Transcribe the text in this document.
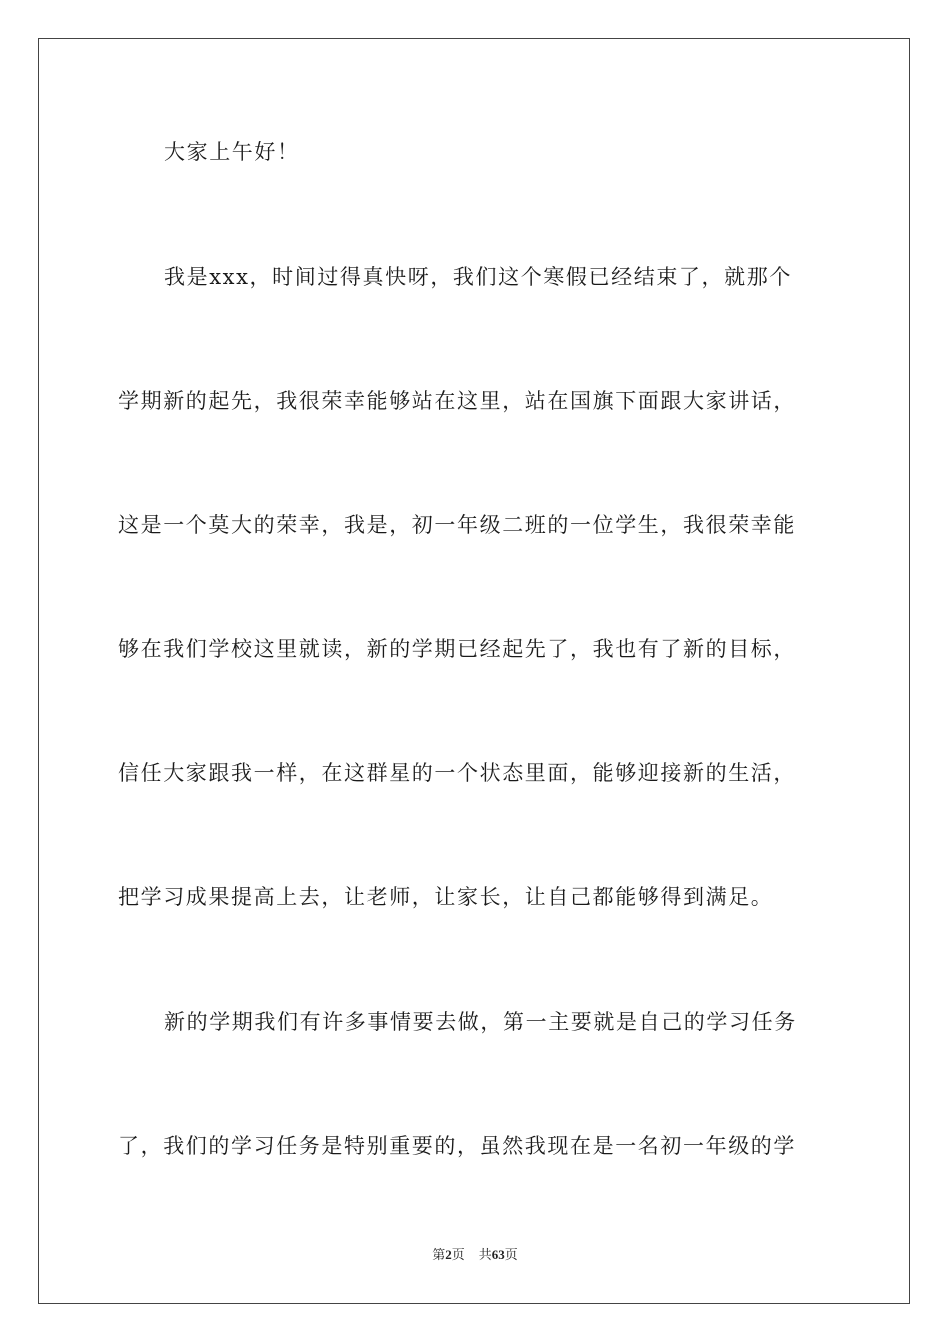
大家上午好！
我是xxx，时间过得真快呀，我们这个寒假已经结束了，就那个
学期新的起先，我很荣幸能够站在这里，站在国旗下面跟大家讲话，
这是一个莫大的荣幸，我是，初一年级二班的一位学生，我很荣幸能
够在我们学校这里就读，新的学期已经起先了，我也有了新的目标，
信任大家跟我一样，在这群星的一个状态里面，能够迎接新的生活，
把学习成果提高上去，让老师，让家长，让自己都能够得到满足。
新的学期我们有许多事情要去做，第一主要就是自己的学习任务
了，我们的学习任务是特别重要的，虽然我现在是一名初一年级的学
第2页 共63页
